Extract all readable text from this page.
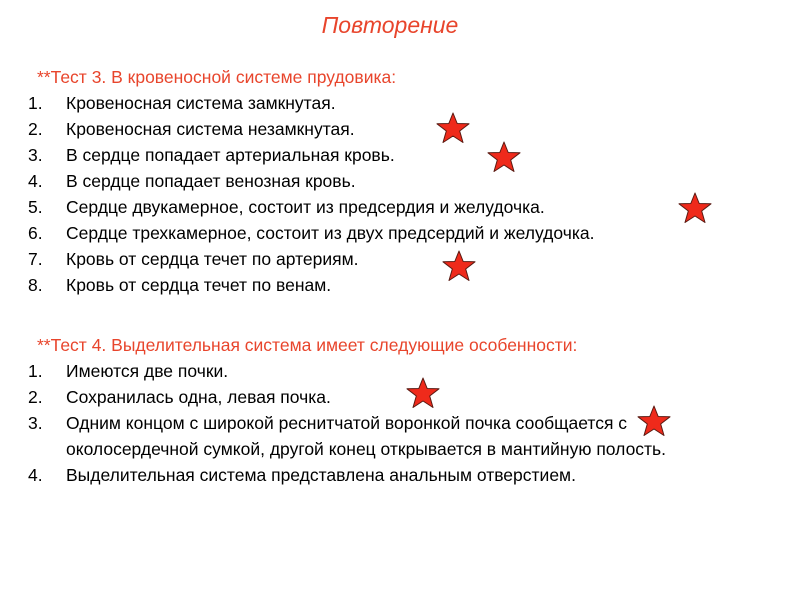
Повторение
**Тест 3. В кровеносной системе прудовика:
1. Кровеносная система замкнутая.
2. Кровеносная система незамкнутая.
3. В сердце попадает артериальная кровь.
4. В сердце попадает венозная кровь.
5. Сердце двукамерное, состоит из предсердия и желудочка.
6. Сердце трехкамерное, состоит из двух предсердий и желудочка.
7. Кровь от сердца течет по артериям.
8. Кровь от сердца течет по венам.
**Тест 4. Выделительная система имеет следующие особенности:
1. Имеются две почки.
2. Сохранилась одна, левая почка.
3. Одним концом с широкой реснитчатой воронкой почка сообщается с околосердечной сумкой, другой конец открывается в мантийную полость.
4. Выделительная система представлена анальным отверстием.
